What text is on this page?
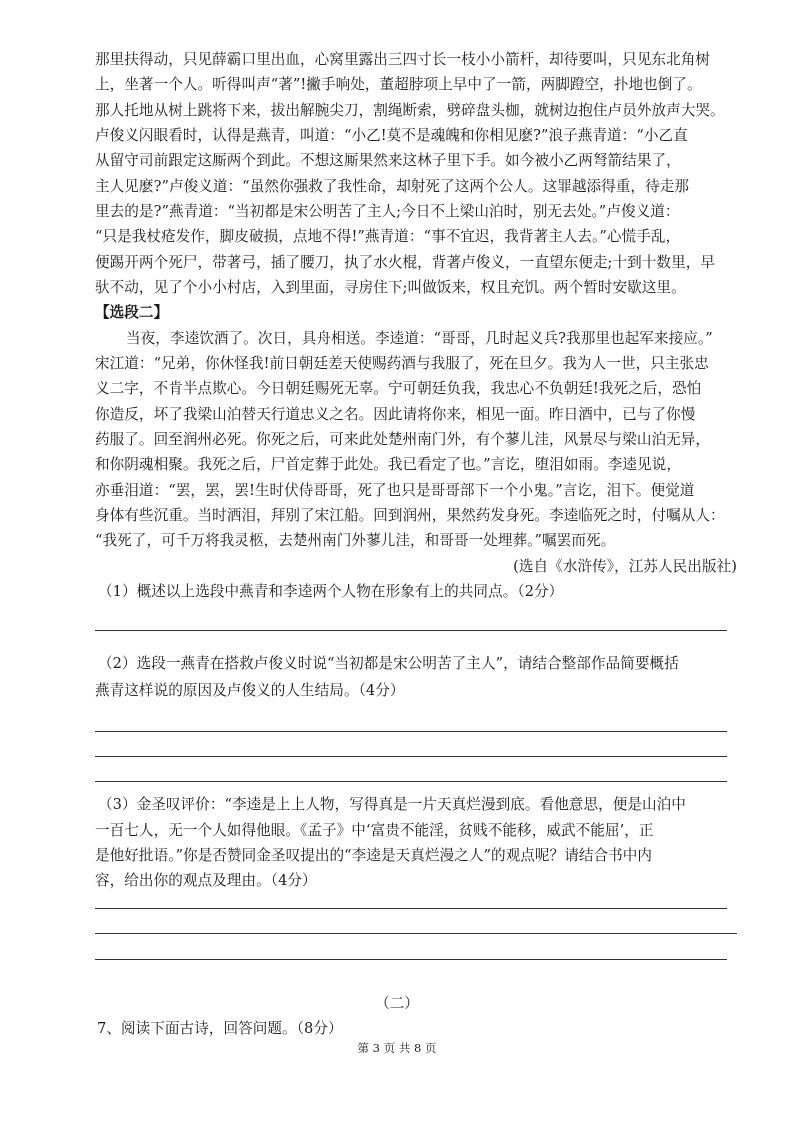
那里扶得动，只见薛霸口里出血，心窝里露出三四寸长一枝小小箭杆，却待要叫，只见东北角树
上，坐著一个人。听得叫声“著”!撇手响处，董超脖项上早中了一箭，两脚蹬空，扑地也倒了。
那人托地从树上跳将下来，拔出解腕尖刀，割绳断索，劈碎盘头枷，就树边抱住卢员外放声大哭。
卢俊义闪眼看时，认得是燕青，叫道：“小乙!莫不是魂魄和你相见麽?”浪子燕青道：“小乙直
从留守司前跟定这厮两个到此。不想这厮果然来这林子里下手。如今被小乙两弩箭结果了，
主人见麽?”卢俊义道：“虽然你强救了我性命，却射死了这两个公人。这罪越添得重，待走那
里去的是?”燕青道：“当初都是宋公明苦了主人;今日不上梁山泊时，别无去处。”卢俊义道：
“只是我杖疮发作，脚皮破损，点地不得!”燕青道：“事不宜迟，我背著主人去。”心慌手乱，
便踢开两个死尸，带著弓，插了腰刀，执了水火棍，背著卢俊义，一直望东便走;十到十数里，早
驮不动，见了个小小村店，入到里面，寻房住下;叫做饭来，权且充饥。两个暂时安歇这里。
【选段二】
当夜，李逵饮酒了。次日，具舟相送。李逵道：“哥哥，几时起义兵?我那里也起军来接应。”
宋江道：“兄弟，你休怪我!前日朝廷差天使赐药酒与我服了，死在旦夕。我为人一世，只主张忠
义二字，不肯半点欺心。今日朝廷赐死无辜。宁可朝廷负我，我忠心不负朝廷!我死之后，恐怕
你造反，坏了我梁山泊替天行道忠义之名。因此请将你来，相见一面。昨日酒中，已与了你慢
药服了。回至润州必死。你死之后，可来此处楚州南门外，有个蓼儿洼，风景尽与梁山泊无异，
和你阴魂相聚。我死之后，尸首定葬于此处。我已看定了也。”言讫，堕泪如雨。李逵见说，
亦垂泪道：“罢，罢，罢!生时伏侍哥哥，死了也只是哥哥部下一个小鬼。”言讫，泪下。便觉道
身体有些沉重。当时洒泪，拜别了宋江船。回到润州，果然药发身死。李逵临死之时，付嘱从人：
“我死了，可千万将我灵柩，去楚州南门外蓼儿洼，和哥哥一处埋葬。”嘱罢而死。
(选自《水浒传》，江苏人民出版社)
（1）概述以上选段中燕青和李逵两个人物在形象有上的共同点。（2分）
（2）选段一燕青在搭救卢俊义时说“当初都是宋公明苦了主人”，请结合整部作品简要概括
燕青这样说的原因及卢俊义的人生结局。（4分）
（3）金圣叹评价：“李逵是上上人物，写得真是一片天真烂漫到底。看他意思，便是山泊中
一百七人，无一个人如得他眼。《孟子》中‘富贵不能淫，贫贱不能移，威武不能屈’，正
是他好批语。”你是否赞同金圣叹提出的“李逵是天真烂漫之人”的观点呢？请结合书中内
容，给出你的观点及理由。（4分）
（二）
7、阅读下面古诗，回答问题。（8分）
第 3 页 共 8 页
